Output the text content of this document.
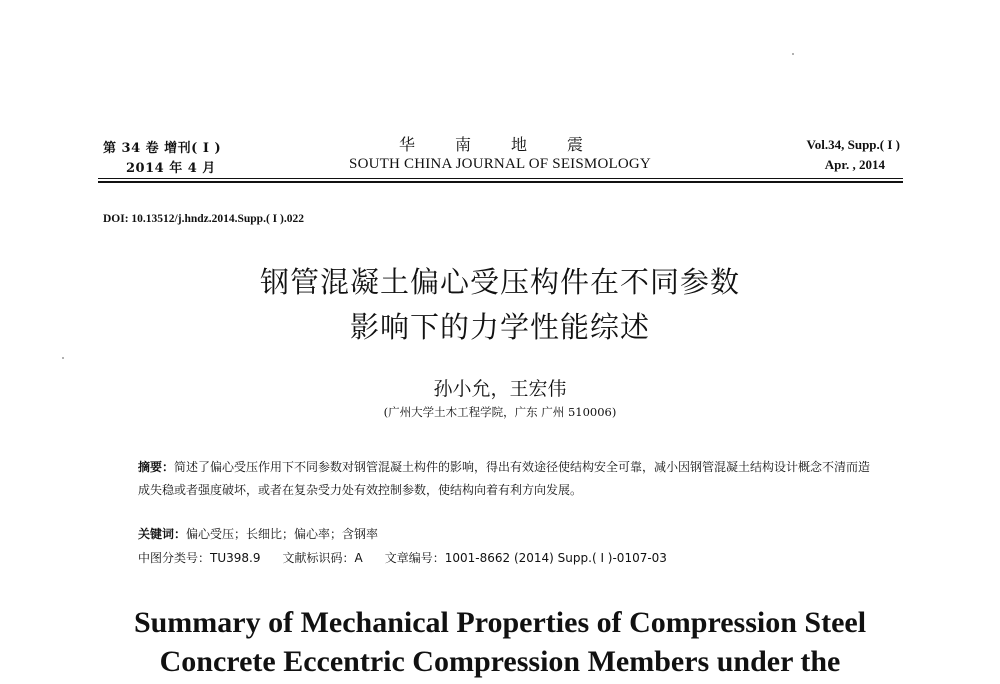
第 34 卷 增刊( I )
2014 年 4 月
华 南 地 震
SOUTH CHINA JOURNAL OF SEISMOLOGY
Vol.34, Supp.( I )
Apr. , 2014
DOI: 10.13512/j.hndz.2014.Supp.( I ).022
钢管混凝土偏心受压构件在不同参数
影响下的力学性能综述
孙小允，王宏伟
(广州大学土木工程学院，广东 广州 510006)
摘要：简述了偏心受压作用下不同参数对钢管混凝土构件的影响，得出有效途径使结构安全可靠，减小因钢管混凝土结构设计概念不清而造成失稳或者强度破坏，或者在复杂受力处有效控制参数，使结构向着有利方向发展。
关键词：偏心受压；长细比；偏心率；含钢率
中图分类号：TU398.9 文献标识码：A 文章编号：1001-8662 (2014) Supp.( I )-0107-03
Summary of Mechanical Properties of Compression Steel
Concrete Eccentric Compression Members under the
